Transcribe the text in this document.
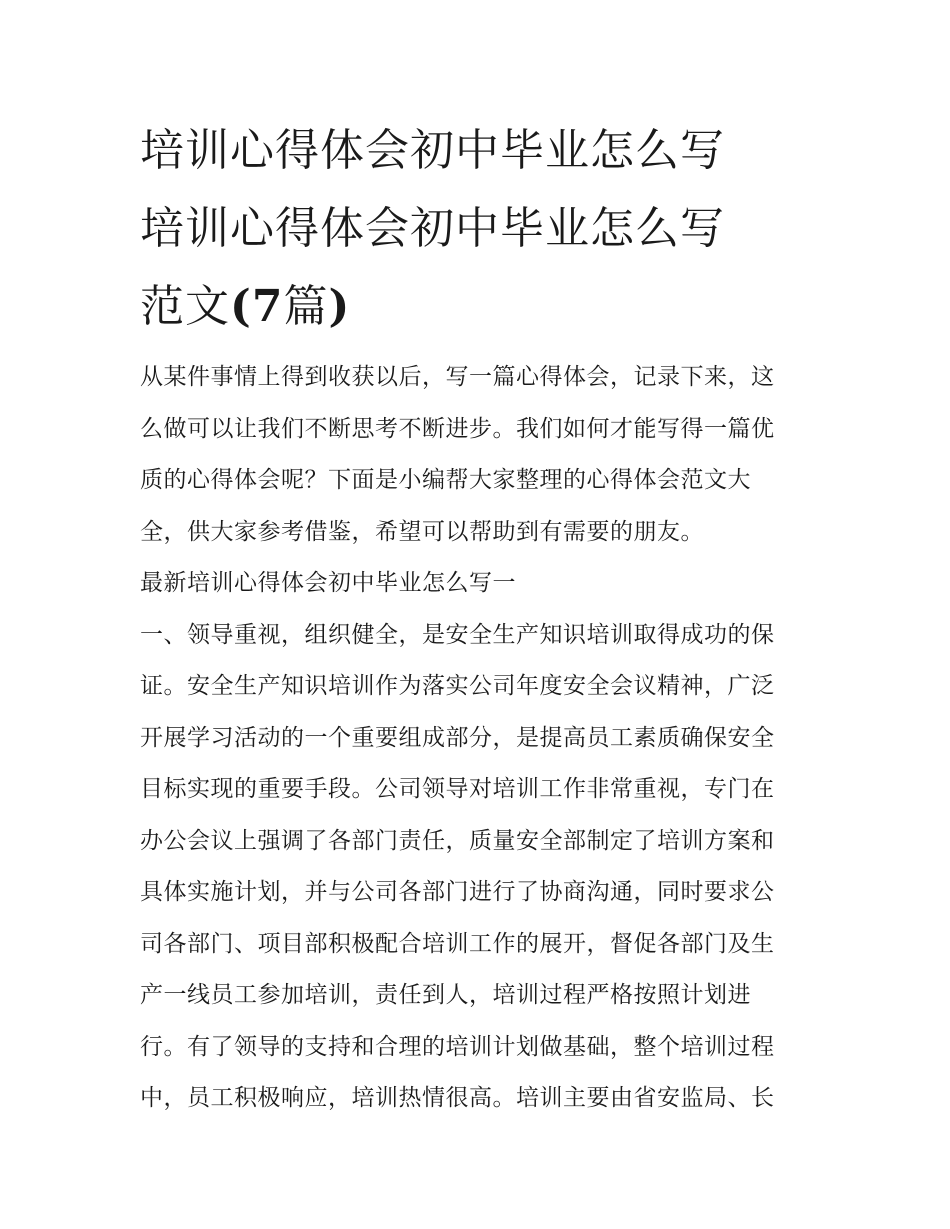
培训心得体会初中毕业怎么写
培训心得体会初中毕业怎么写
范文(7篇)
从某件事情上得到收获以后，写一篇心得体会，记录下来，这
么做可以让我们不断思考不断进步。我们如何才能写得一篇优
质的心得体会呢？下面是小编帮大家整理的心得体会范文大
全，供大家参考借鉴，希望可以帮助到有需要的朋友。
最新培训心得体会初中毕业怎么写一
一、领导重视，组织健全，是安全生产知识培训取得成功的保
证。安全生产知识培训作为落实公司年度安全会议精神，广泛
开展学习活动的一个重要组成部分，是提高员工素质确保安全
目标实现的重要手段。公司领导对培训工作非常重视，专门在
办公会议上强调了各部门责任，质量安全部制定了培训方案和
具体实施计划，并与公司各部门进行了协商沟通，同时要求公
司各部门、项目部积极配合培训工作的展开，督促各部门及生
产一线员工参加培训，责任到人，培训过程严格按照计划进
行。有了领导的支持和合理的培训计划做基础，整个培训过程
中，员工积极响应，培训热情很高。培训主要由省安监局、长
